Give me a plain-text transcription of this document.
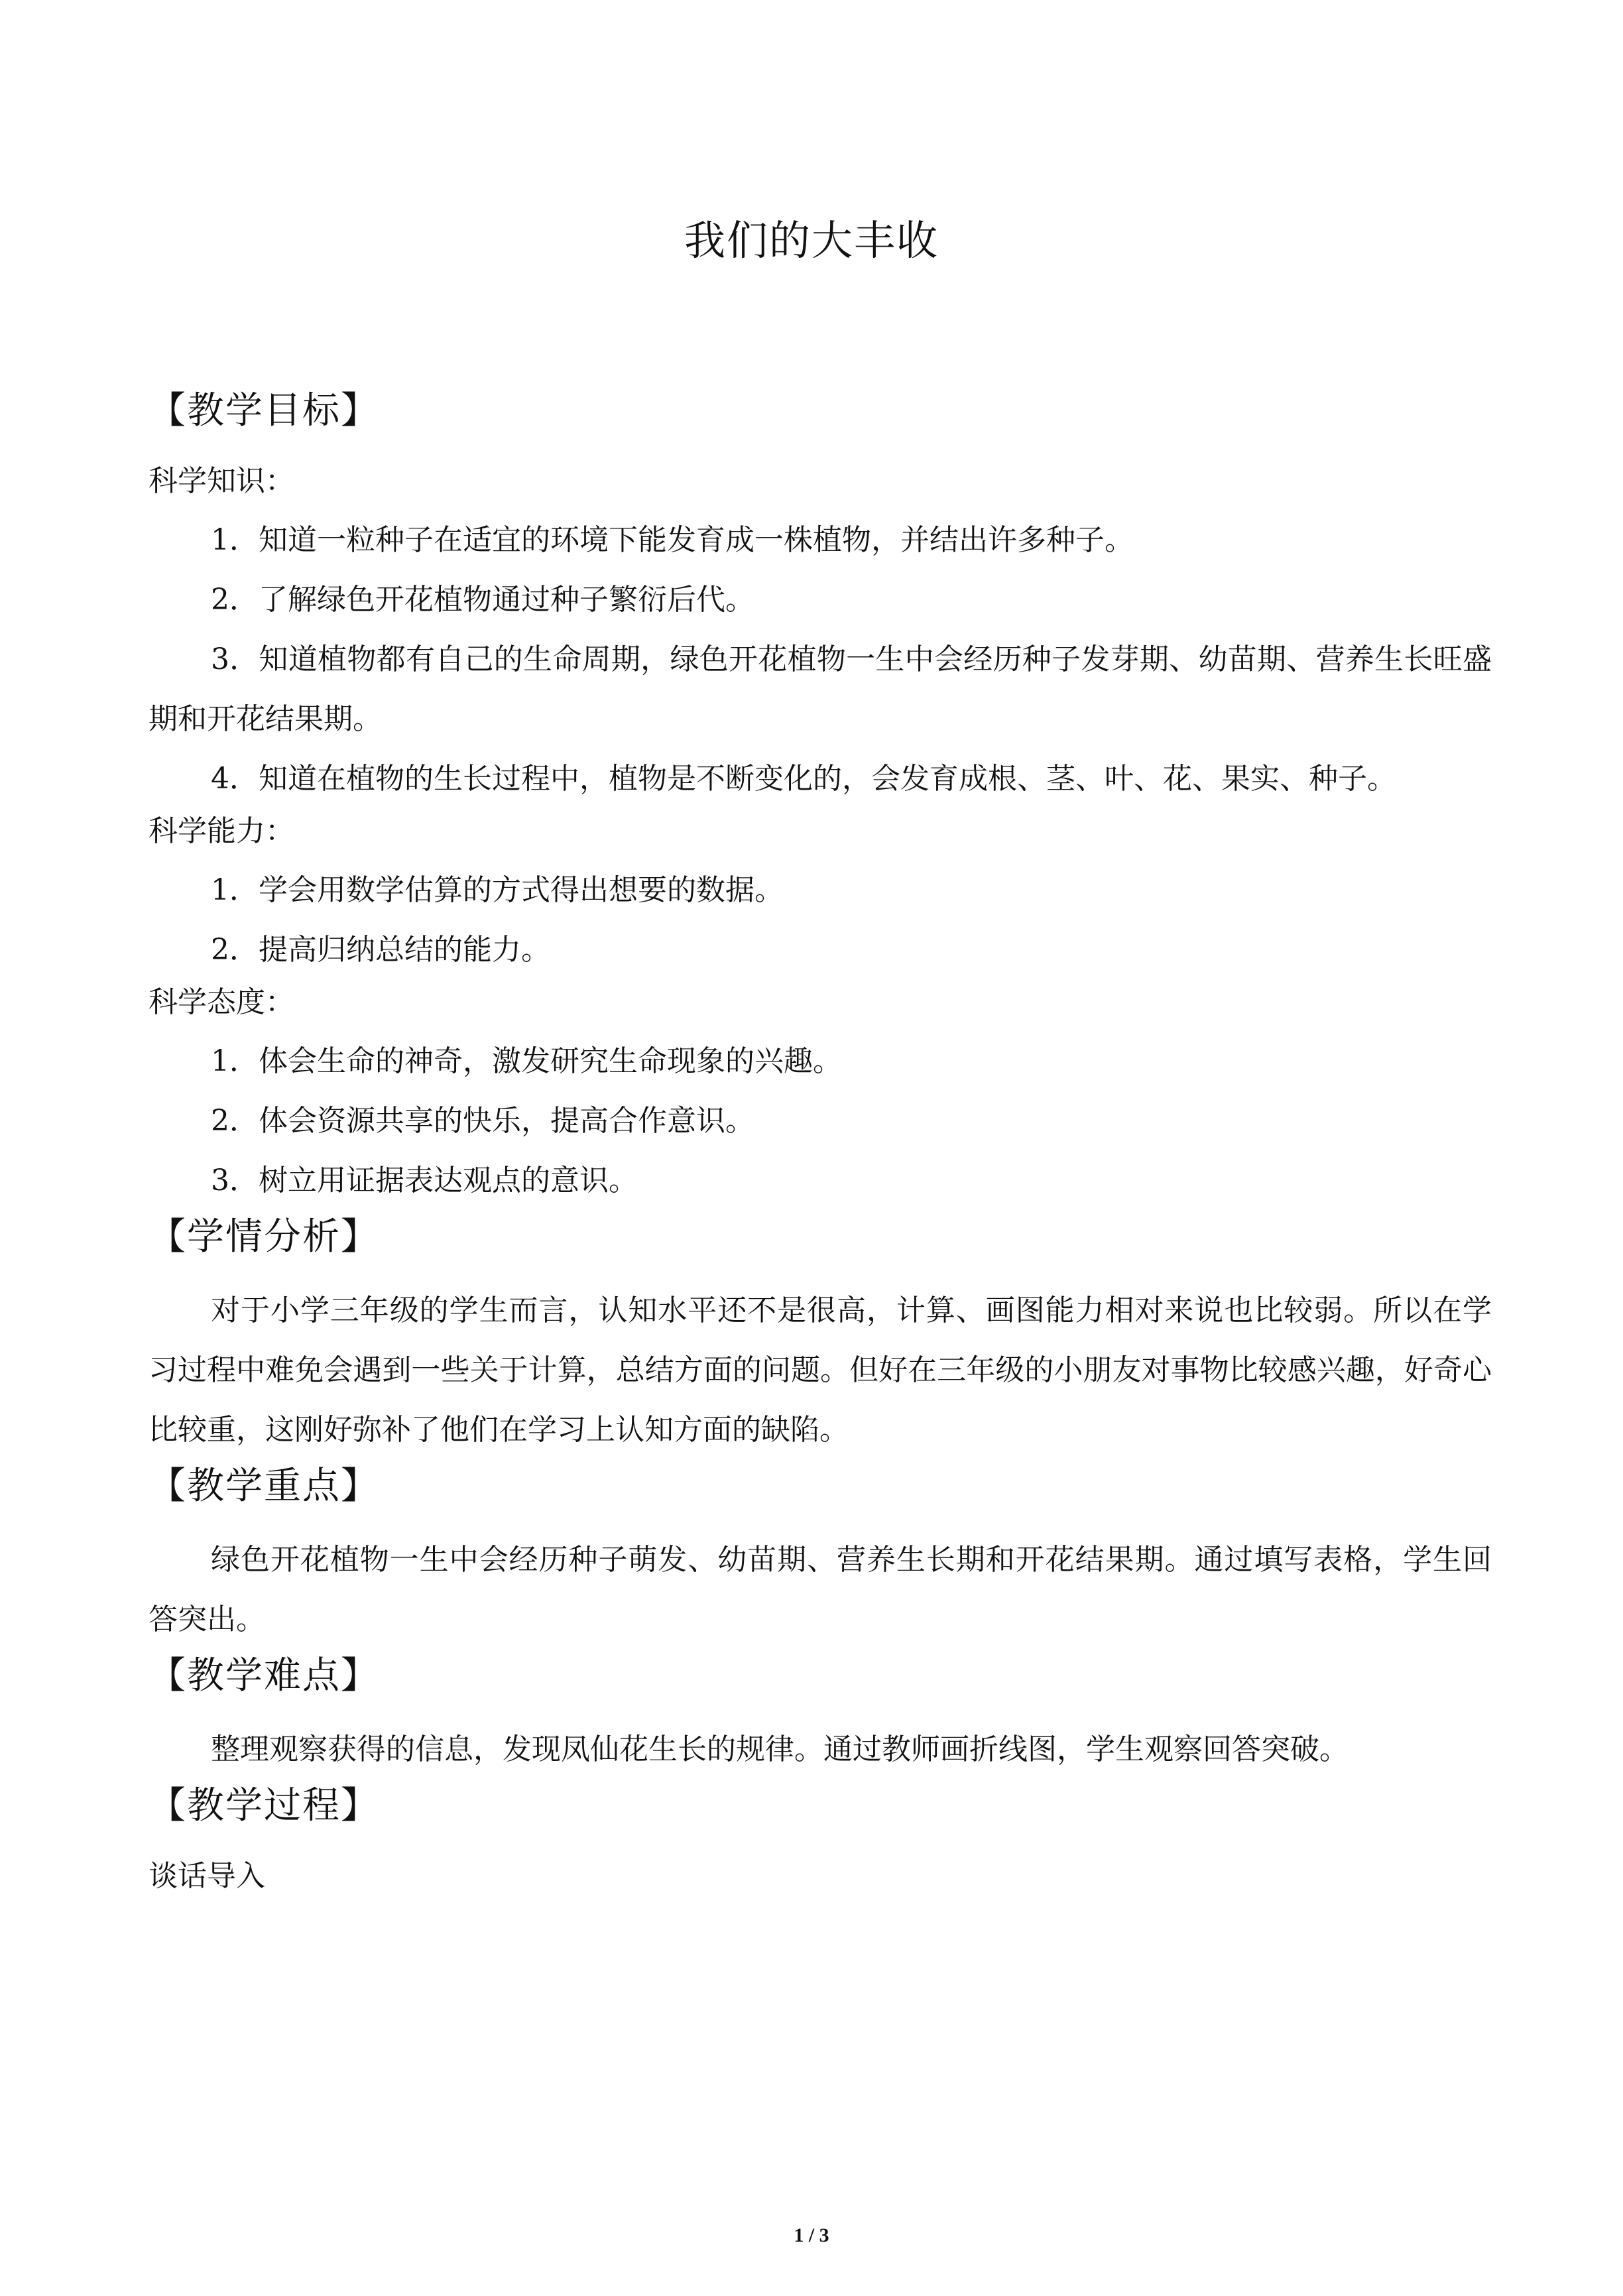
我们的大丰收

【教学目标】

科学知识：

1．知道一粒种子在适宜的环境下能发育成一株植物，并结出许多种子。

2．了解绿色开花植物通过种子繁衍后代。

3．知道植物都有自己的生命周期，绿色开花植物一生中会经历种子发芽期、幼苗期、营养生长旺盛期和开花结果期。

4．知道在植物的生长过程中，植物是不断变化的，会发育成根、茎、叶、花、果实、种子。

科学能力：

1．学会用数学估算的方式得出想要的数据。

2．提高归纳总结的能力。

科学态度：

1．体会生命的神奇，激发研究生命现象的兴趣。

2．体会资源共享的快乐，提高合作意识。

3．树立用证据表达观点的意识。

【学情分析】

对于小学三年级的学生而言，认知水平还不是很高，计算、画图能力相对来说也比较弱。所以在学习过程中难免会遇到一些关于计算，总结方面的问题。但好在三年级的小朋友对事物比较感兴趣，好奇心比较重，这刚好弥补了他们在学习上认知方面的缺陷。

【教学重点】

绿色开花植物一生中会经历种子萌发、幼苗期、营养生长期和开花结果期。通过填写表格，学生回答突出。

【教学难点】

整理观察获得的信息，发现凤仙花生长的规律。通过教师画折线图，学生观察回答突破。

【教学过程】

谈话导入

1 / 3
